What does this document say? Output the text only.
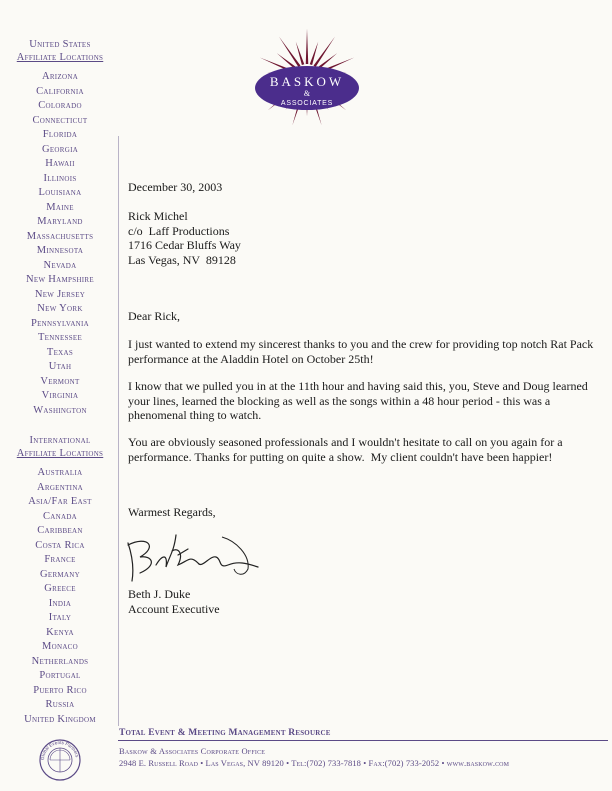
United States
Affiliate Locations
Arizona
California
Colorado
Connecticut
Florida
Georgia
Hawaii
Illinois
Louisiana
Maine
Maryland
Massachusetts
Minnesota
Nevada
New Hampshire
New Jersey
New York
Pennsylvania
Tennessee
Texas
Utah
Vermont
Virginia
Washington
International
Affiliate Locations
Australia
Argentina
Asia/Far East
Canada
Caribbean
Costa Rica
France
Germany
Greece
India
Italy
Kenya
Monaco
Netherlands
Portugal
Puerto Rico
Russia
United Kingdom
BASKOW
&
ASSOCIATES

December 30, 2003

Rick Michel

c/o  Laff Productions

1716 Cedar Bluffs Way

Las Vegas, NV  89128

Dear Rick,

I just wanted to extend my sincerest thanks to you and the crew for providing top notch Rat Pack performance at the Aladdin Hotel on October 25th!

I know that we pulled you in at the 11th hour and having said this, you, Steve and Doug learned your lines, learned the blocking as well as the songs within a 48 hour period - this was a phenomenal thing to watch.

You are obviously seasoned professionals and I wouldn't hesitate to call on you again for a performance. Thanks for putting on quite a show.  My client couldn't have been happier!

Warmest Regards,

Beth J. Duke

Account Executive

Global Events Partners
Total Event & Meeting Management Resource
Baskow & Associates Corporate Office
2948 E. Russell Road • Las Vegas, NV 89120 • Tel:(702) 733-7818 • Fax:(702) 733-2052 • www.baskow.com
